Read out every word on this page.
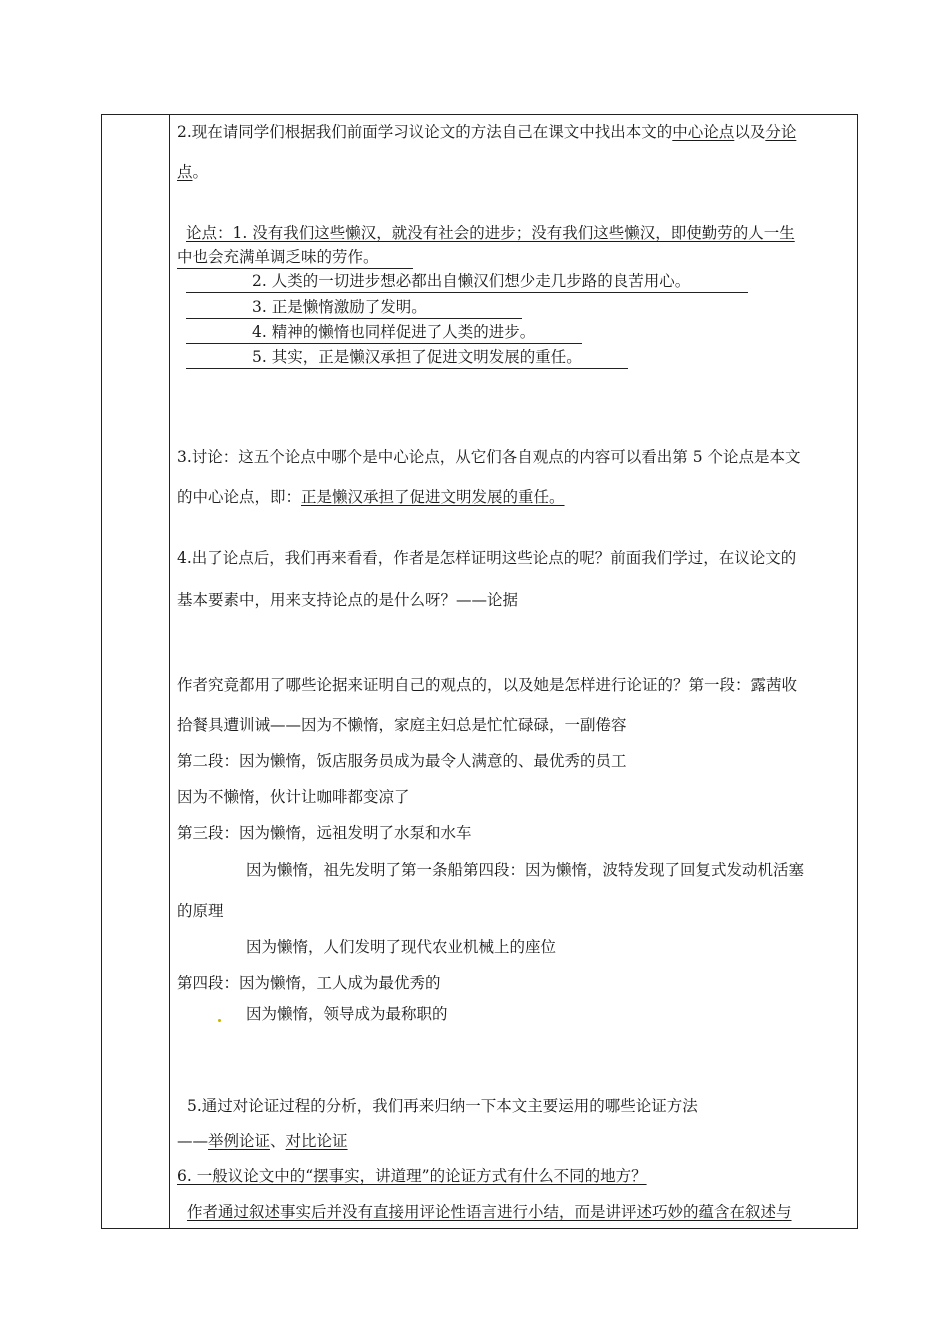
2.现在请同学们根据我们前面学习议论文的方法自己在课文中找出本文的中心论点以及分论
点。
论点：1. 没有我们这些懒汉，就没有社会的进步；没有我们这些懒汉，即使勤劳的人一生
中也会充满单调乏味的劳作。
2. 人类的一切进步想必都出自懒汉们想少走几步路的良苦用心。
3. 正是懒惰激励了发明。
4. 精神的懒惰也同样促进了人类的进步。
5. 其实，正是懒汉承担了促进文明发展的重任。
3.讨论：这五个论点中哪个是中心论点，从它们各自观点的内容可以看出第 5 个论点是本文
的中心论点，即：正是懒汉承担了促进文明发展的重任。
4.出了论点后，我们再来看看，作者是怎样证明这些论点的呢？前面我们学过，在议论文的
基本要素中，用来支持论点的是什么呀？——论据
作者究竟都用了哪些论据来证明自己的观点的，以及她是怎样进行论证的？第一段：露茜收
拾餐具遭训诫——因为不懒惰，家庭主妇总是忙忙碌碌，一副倦容
第二段：因为懒惰，饭店服务员成为最令人满意的、最优秀的员工
因为不懒惰，伙计让咖啡都变凉了
第三段：因为懒惰，远祖发明了水泵和水车
因为懒惰，祖先发明了第一条船第四段：因为懒惰，波特发现了回复式发动机活塞
的原理
因为懒惰，人们发明了现代农业机械上的座位
第四段：因为懒惰，工人成为最优秀的
因为懒惰，领导成为最称职的
5.通过对论证过程的分析，我们再来归纳一下本文主要运用的哪些论证方法
——举例论证、对比论证
6. 一般议论文中的“摆事实，讲道理”的论证方式有什么不同的地方？
作者通过叙述事实后并没有直接用评论性语言进行小结，而是讲评述巧妙的蕴含在叙述与
